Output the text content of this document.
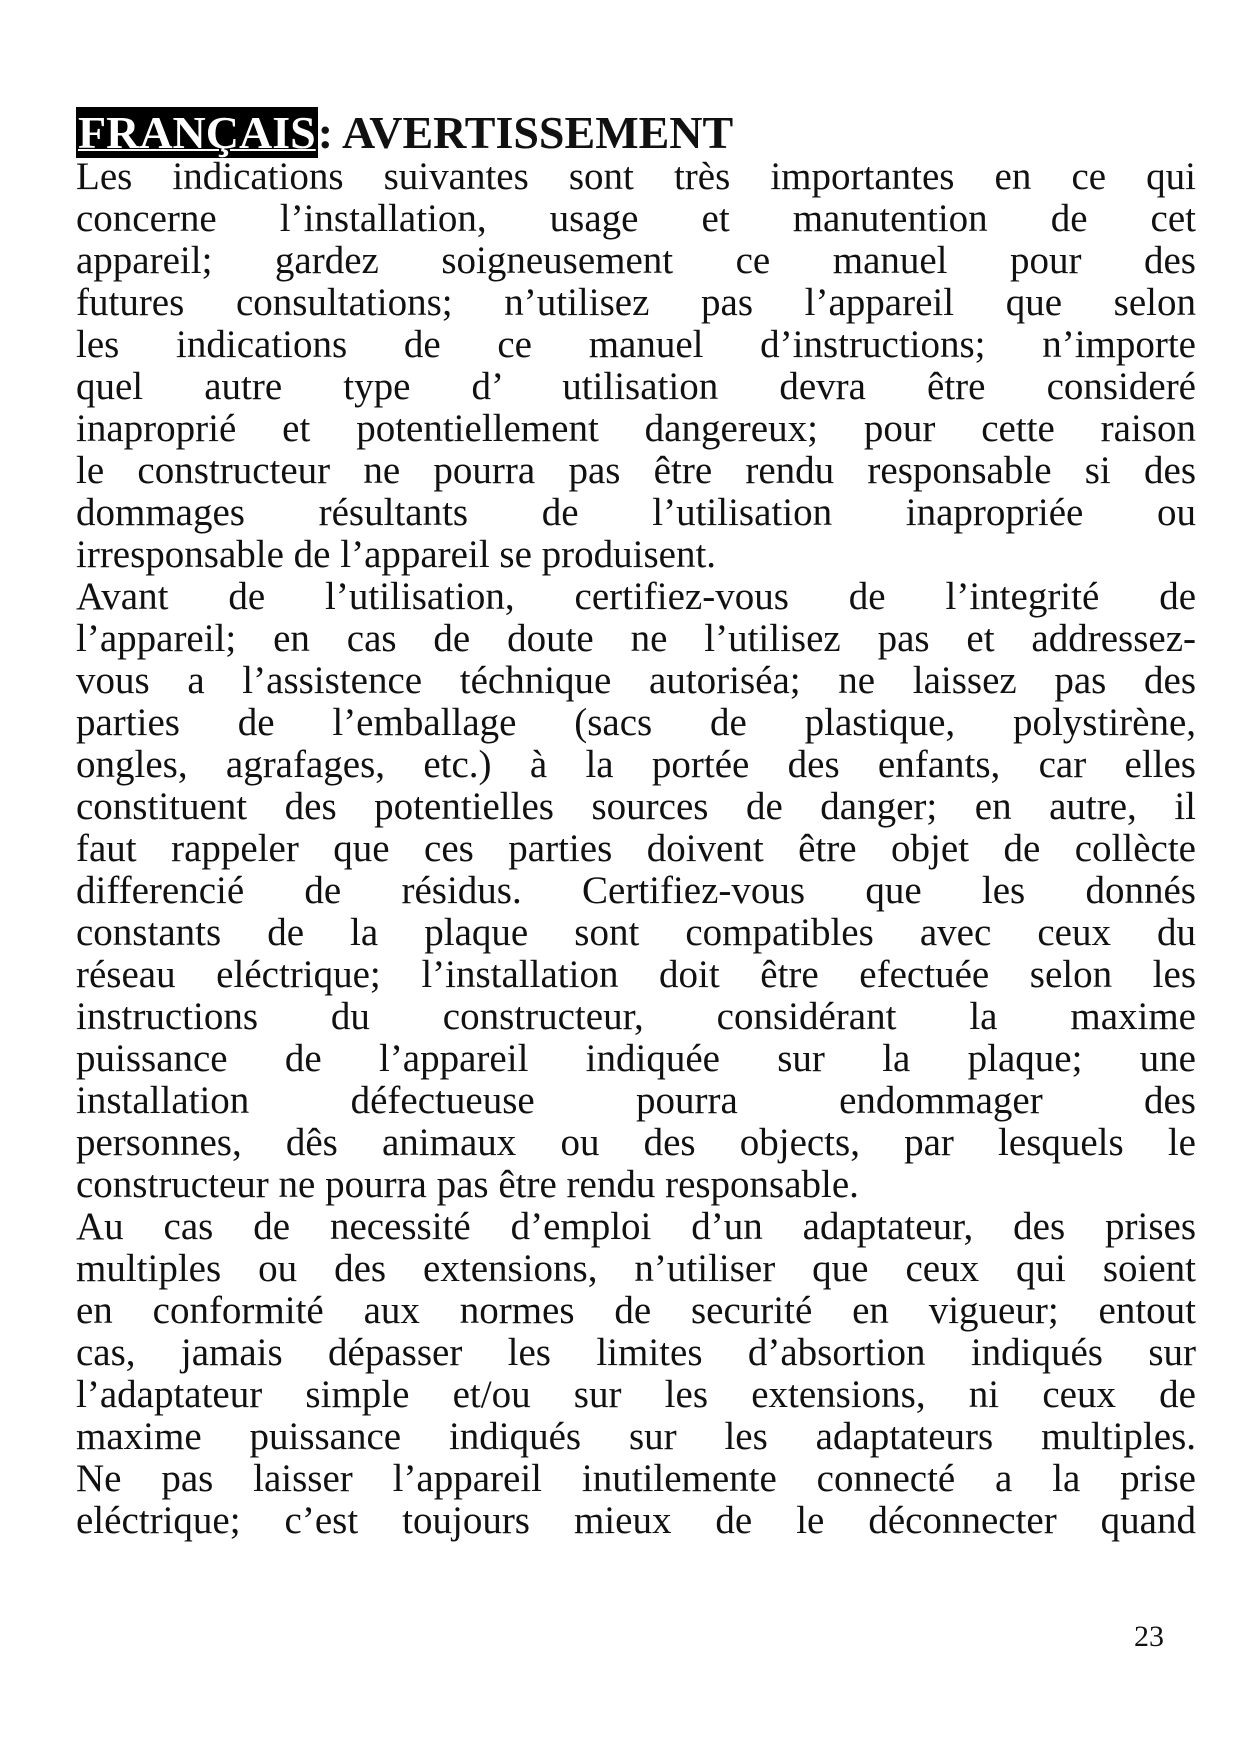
FRANÇAIS: AVERTISSEMENT
Les indications suivantes sont très importantes en ce qui
concerne l’installation, usage et manutention de cet
appareil; gardez soigneusement ce manuel pour des
futures consultations; n’utilisez pas l’appareil que selon
les indications de ce manuel d’instructions; n’importe
quel autre type d’ utilisation devra être consideré
inaproprié et potentiellement dangereux; pour cette raison
le constructeur ne pourra pas être rendu responsable si des
dommages résultants de l’utilisation inapropriée ou
irresponsable de l’appareil se produisent.
Avant de l’utilisation, certifiez-vous de l’integrité de
l’appareil; en cas de doute ne l’utilisez pas et addressez-
vous a l’assistence téchnique autoriséa; ne laissez pas des
parties de l’emballage (sacs de plastique, polystirène,
ongles, agrafages, etc.) à la portée des enfants, car elles
constituent des potentielles sources de danger; en autre, il
faut rappeler que ces parties doivent être objet de collècte
differencié de résidus. Certifiez-vous que les donnés
constants de la plaque sont compatibles avec ceux du
réseau eléctrique; l’installation doit être efectuée selon les
instructions du constructeur, considérant la maxime
puissance de l’appareil indiquée sur la plaque; une
installation défectueuse pourra endommager des
personnes, dês animaux ou des objects, par lesquels le
constructeur ne pourra pas être rendu responsable.
Au cas de necessité d’emploi d’un adaptateur, des prises
multiples ou des extensions, n’utiliser que ceux qui soient
en conformité aux normes de securité en vigueur; entout
cas, jamais dépasser les limites d’absortion indiqués sur
l’adaptateur simple et/ou sur les extensions, ni ceux de
maxime puissance indiqués sur les adaptateurs multiples.
Ne pas laisser l’appareil inutilemente connecté a la prise
eléctrique; c’est toujours mieux de le déconnecter quand
23
